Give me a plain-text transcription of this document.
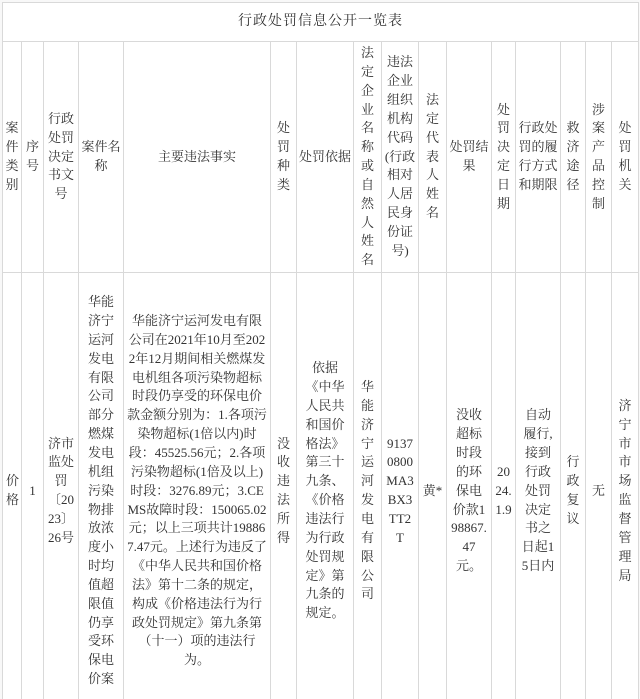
行政处罚信息公开一览表															
案件类别	序号	行政处罚决定书文号	案件名称	主要违法事实	处罚种类	处罚依据	法定企业名称或自然人姓名	违法企业组织机构代码(行政相对人居民身份证号)	法定代表人姓名	处罚结果	处罚决定日期	行政处罚的履行方式和期限	救济途径	涉案产品控制	处罚机关
价格	1	济市监处罚〔2023〕26号	华能济宁运河发电有限公司部分燃煤发电机组污染物排放浓度小时均值超限值仍享受环保电价案	华能济宁运河发电有限公司在2021年10月至2022年12月期间相关燃煤发电机组各项污染物超标时段仍享受的环保电价款金额分别为：1.各项污染物超标(1倍以内)时段：45525.56元；2.各项污染物超标(1倍及以上)时段：3276.89元；3.CEMS故障时段：150065.02元；以上三项共计198867.47元。上述行为违反了《中华人民共和国价格法》第十二条的规定，构成《价格违法行为行政处罚规定》第九条第（十一）项的违法行为。	没收违法所得	依据《中华人民共和国价格法》第三十九条、《价格违法行为行政处罚规定》第九条的规定。	华能济宁运河发电有限公司	91370800MA3BX3TT2T	黄*	没收超标时段的环保电价款198867.47元。	2024.1.9	自动履行,接到行政处罚决定书之日起15日内	行政复议	无	济宁市市场监督管理局
